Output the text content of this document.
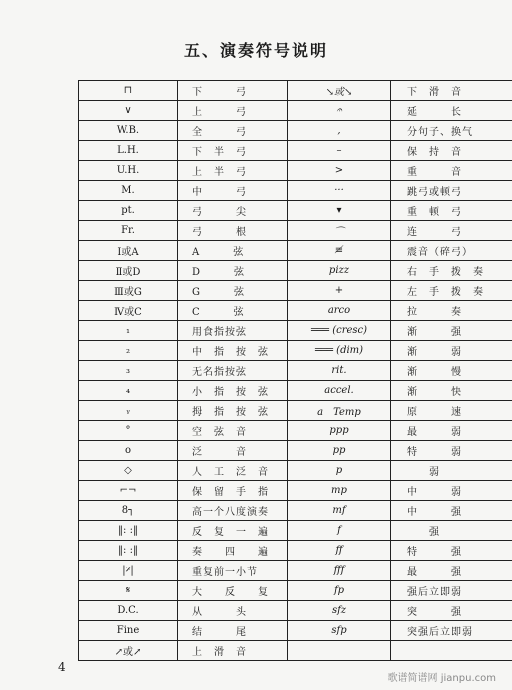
五、演奏符号说明
⊓	下　　　弓	↘或↘	下　滑　音
∨	上　　　弓	𝄐	延　　　长
W.B.	全　　　弓	,	分句子、换气
L.H.	下　半　弓	–	保　持　音
U.H.	上　半　弓	>	重　　　音
M.	中　　　弓	···	跳弓或顿弓
pt.	弓　　　尖	▾	重　顿　弓
Fr.	弓　　　根	⌒	连　　　弓
Ⅰ或A	A　　　弦	≢	震音（碎弓）
Ⅱ或D	D　　　弦	pizz	右　手　拨　奏
Ⅲ或G	G　　　弦	+	左　手　拨　奏
Ⅳ或C	C　　　弦	arco	拉　　　奏
₁	用食指按弦	═══ (cresc)	渐　　　强
₂	中　指　按　弦	═══ (dim)	渐　　　弱
₃	无名指按弦	rit.	渐　　　慢
₄	小　指　按　弦	accel.	渐　　　快
ᵧ	拇　指　按　弦	a　Temp	原　　　速
°	空　弦　音	ppp	最　　　弱
o	泛　　　音	pp	特　　　弱
◇	人　工　泛　音	p	　　弱
⌐¬	保　留　手　指	mp	中　　　弱
8┐	高一个八度演奏	mf	中　　　强
‖: :‖	反　复　一　遍	f	　　强
‖: :‖	奏　　四　　遍	ff	特　　　强
|𝄎|	重复前一小节	fff	最　　　强
𝄋	大　　反　　复	fp	强后立即弱
D.C.	从　　　头	sfz	突　　　强
Fine	结　　　尾	sfp	突强后立即弱
↗或↗	上　滑　音		
4
歌谱简谱网 jianpu.com
